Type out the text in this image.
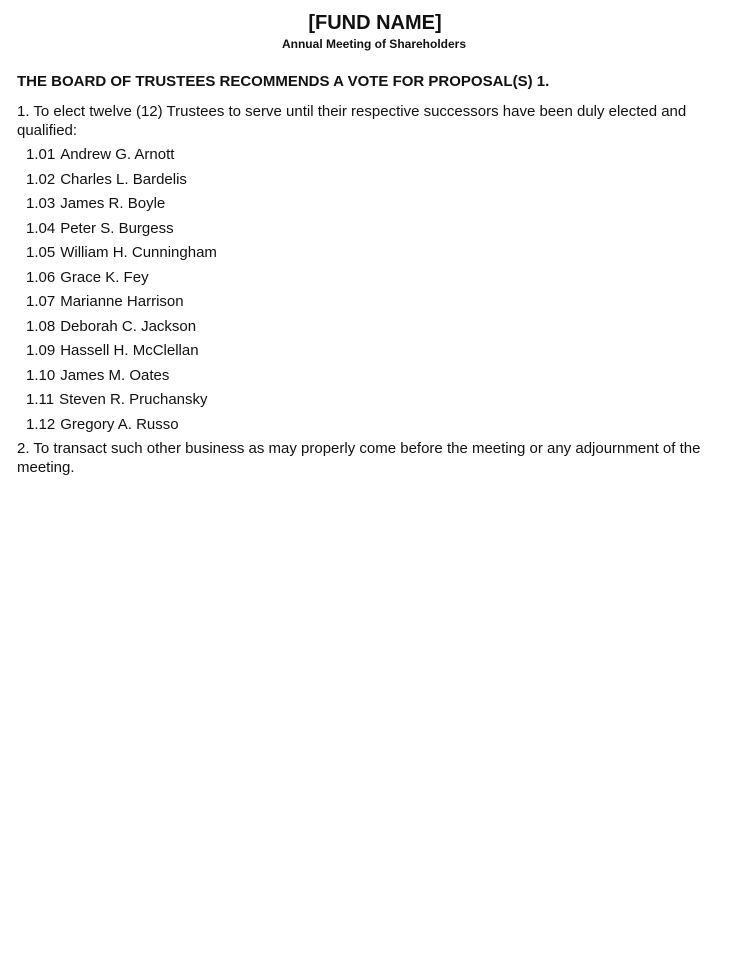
[FUND NAME]
Annual Meeting of Shareholders
THE BOARD OF TRUSTEES RECOMMENDS A VOTE FOR PROPOSAL(S) 1.
1. To elect twelve (12) Trustees to serve until their respective successors have been duly elected and qualified:
1.01 Andrew G. Arnott
1.02 Charles L. Bardelis
1.03 James R. Boyle
1.04 Peter S. Burgess
1.05 William H. Cunningham
1.06 Grace K. Fey
1.07 Marianne Harrison
1.08 Deborah C. Jackson
1.09 Hassell H. McClellan
1.10 James M. Oates
1.11 Steven R. Pruchansky
1.12 Gregory A. Russo
2. To transact such other business as may properly come before the meeting or any adjournment of the meeting.
